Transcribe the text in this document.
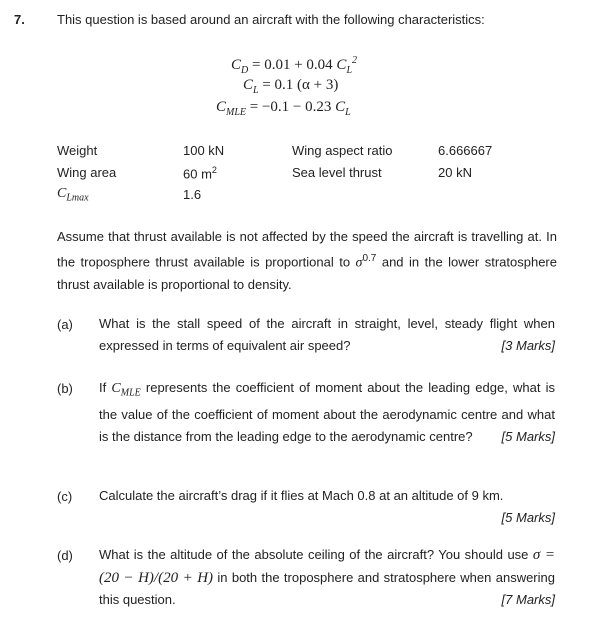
7. This question is based around an aircraft with the following characteristics:
$C_D = 0.01 + 0.04$ $C_L^2$
$C_L = 0.1$ (α + 3)
$C_{MLE} = -0.1 - 0.23$ $C_L$
Weight	100 kN	Wing aspect ratio	6.666667
Wing area	60 $m^2$	Sea level thrust	20 kN
$C_{Lmax}$	1.6
Assume that thrust available is not affected by the speed the aircraft is travelling at. In the troposphere thrust available is proportional to $\sigma^{0.7}$ and in the lower stratosphere thrust available is proportional to density.
(a) What is the stall speed of the aircraft in straight, level, steady flight when expressed in terms of equivalent air speed?	[3 Marks]
(b) If $C_{MLE}$ represents the coefficient of moment about the leading edge, what is the value of the coefficient of moment about the aerodynamic centre and what is the distance from the leading edge to the aerodynamic centre? [5 Marks]
(c) Calculate the aircraft’s drag if it flies at Mach 0.8 at an altitude of 9 km.

[5 Marks]
(d) What is the altitude of the absolute ceiling of the aircraft? You should use σ = (20 − H)/(20 + H) in both the troposphere and stratosphere when answering this question.	[7 Marks]
